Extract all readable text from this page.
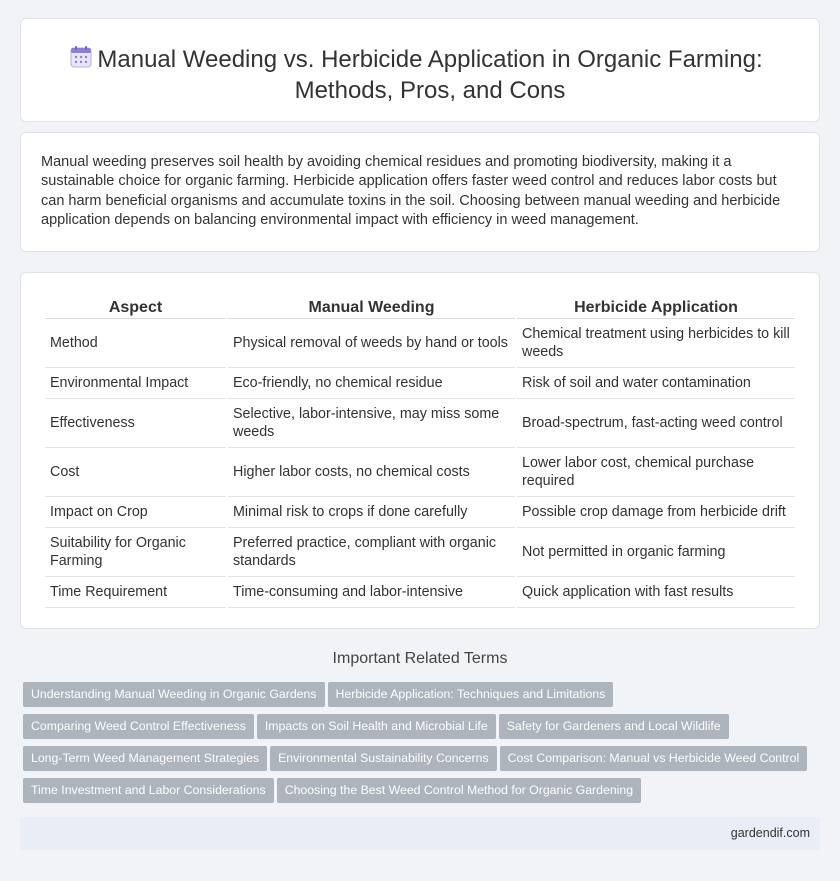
Manual Weeding vs. Herbicide Application in Organic Farming: Methods, Pros, and Cons

Manual weeding preserves soil health by avoiding chemical residues and promoting biodiversity, making it a sustainable choice for organic farming. Herbicide application offers faster weed control and reduces labor costs but can harm beneficial organisms and accumulate toxins in the soil. Choosing between manual weeding and herbicide application depends on balancing environmental impact with efficiency in weed management.

Aspect	Manual Weeding	Herbicide Application
Method	Physical removal of weeds by hand or tools	Chemical treatment using herbicides to kill weeds
Environmental Impact	Eco-friendly, no chemical residue	Risk of soil and water contamination
Effectiveness	Selective, labor-intensive, may miss some weeds	Broad-spectrum, fast-acting weed control
Cost	Higher labor costs, no chemical costs	Lower labor cost, chemical purchase required
Impact on Crop	Minimal risk to crops if done carefully	Possible crop damage from herbicide drift
Suitability for Organic Farming	Preferred practice, compliant with organic standards	Not permitted in organic farming
Time Requirement	Time-consuming and labor-intensive	Quick application with fast results
Important Related Terms
Understanding Manual Weeding in Organic Gardens Herbicide Application: Techniques and Limitations
Comparing Weed Control Effectiveness Impacts on Soil Health and Microbial Life Safety for Gardeners and Local Wildlife
Long-Term Weed Management Strategies Environmental Sustainability Concerns Cost Comparison: Manual vs Herbicide Weed Control
Time Investment and Labor Considerations Choosing the Best Weed Control Method for Organic Gardening
gardendif.com
